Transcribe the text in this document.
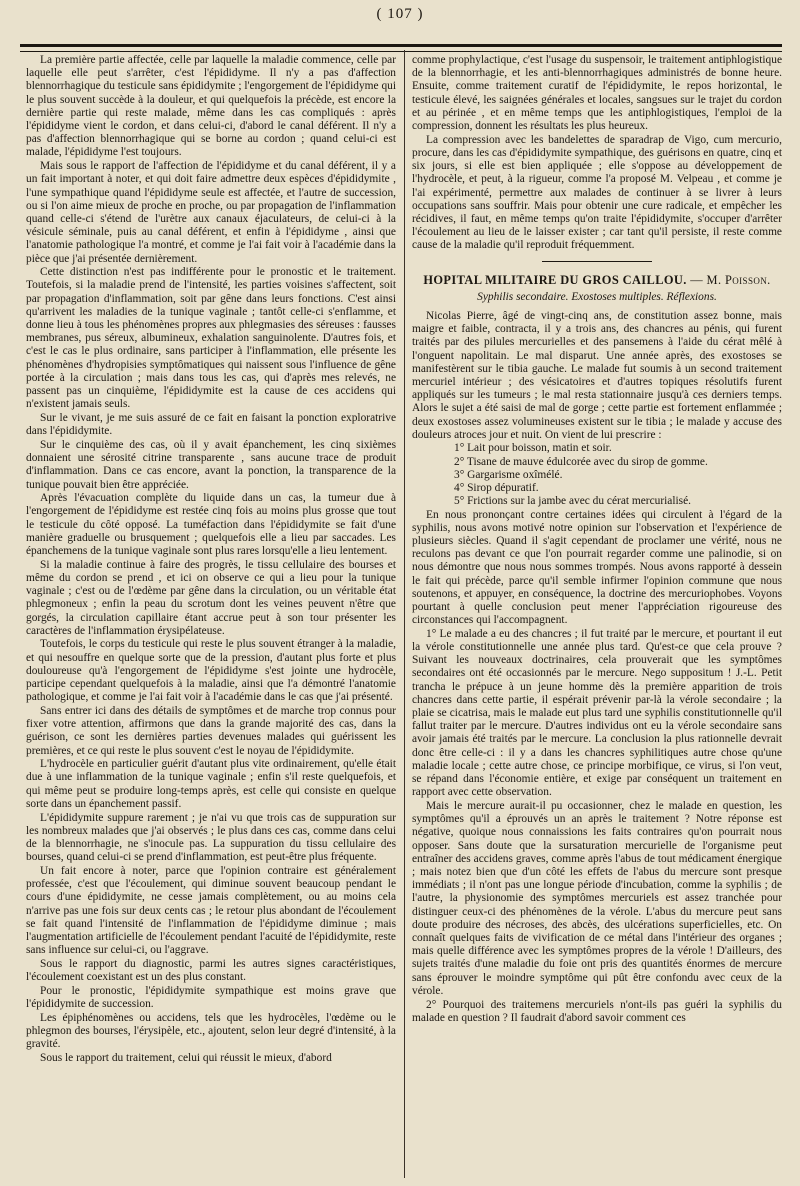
( 107 )

La première partie affectée, celle par laquelle la maladie commence, celle par laquelle elle peut s'arrêter, c'est l'épididyme. Il n'y a pas d'affection blennorrhagique du testicule sans épididymite ; l'engorgement de l'épididyme qui le plus souvent succède à la douleur, et qui quelquefois la précède, est encore la dernière partie qui reste malade, même dans les cas compliqués : après l'épididyme vient le cordon, et dans celui-ci, d'abord le canal déférent. Il n'y a pas d'affection blennorrhagique qui se borne au cordon ; quand celui-ci est malade, l'épididyme l'est toujours.

Mais sous le rapport de l'affection de l'épididyme et du canal déférent, il y a un fait important à noter, et qui doit faire admettre deux espèces d'épididymite , l'une sympathique quand l'épididyme seule est affectée, et l'autre de succession, ou si l'on aime mieux de proche en proche, ou par propagation de l'inflammation quand celle-ci s'étend de l'urètre aux canaux éjaculateurs, de celui-ci à la vésicule séminale, puis au canal déférent, et enfin à l'épididyme , ainsi que l'anatomie pathologique l'a montré, et comme je l'ai fait voir à l'académie dans la pièce que j'ai présentée dernièrement.

Cette distinction n'est pas indifférente pour le pronostic et le traitement. Toutefois, si la maladie prend de l'intensité, les parties voisines s'affectent, soit par propagation d'inflammation, soit par gêne dans leurs fonctions. C'est ainsi qu'arrivent les maladies de la tunique vaginale ; tantôt celle-ci s'enflamme, et donne lieu à tous les phénomènes propres aux phlegmasies des séreuses : fausses membranes, pus séreux, albumineux, exhalation sanguinolente. D'autres fois, et c'est le cas le plus ordinaire, sans participer à l'inflammation, elle présente les phénomènes d'hydropisies symptômatiques qui naissent sous l'influence de gêne portée à la circulation ; mais dans tous les cas, qui d'après mes relevés, ne passent pas un cinquième, l'épididymite est la cause de ces accidens qui n'existent jamais seuls.

Sur le vivant, je me suis assuré de ce fait en faisant la ponction exploratrive dans l'épididymite.

Sur le cinquième des cas, où il y avait épanchement, les cinq sixièmes donnaient une sérosité citrine transparente , sans aucune trace de produit d'inflammation. Dans ce cas encore, avant la ponction, la transparence de la tunique pouvait bien être appréciée.

Après l'évacuation complète du liquide dans un cas, la tumeur due à l'engorgement de l'épididyme est restée cinq fois au moins plus grosse que tout le testicule du côté opposé. La tuméfaction dans l'épididymite se fait d'une manière graduelle ou brusquement ; quelquefois elle a lieu par saccades. Les épanchemens de la tunique vaginale sont plus rares lorsqu'elle a lieu lentement.

Si la maladie continue à faire des progrès, le tissu cellulaire des bourses et même du cordon se prend , et ici on observe ce qui a lieu pour la tunique vaginale ; c'est ou de l'œdème par gêne dans la circulation, ou un véritable état phlegmoneux ; enfin la peau du scrotum dont les veines peuvent n'être que gorgés, la circulation capillaire étant accrue peut à son tour présenter les caractères de l'inflammation érysipélateuse.

Toutefois, le corps du testicule qui reste le plus souvent étranger à la maladie, et qui nesouffre en quelque sorte que de la pression, d'autant plus forte et plus douloureuse qu'à l'engorgement de l'épididyme s'est jointe une hydrocèle, participe cependant quelquefois à la maladie, ainsi que l'a démontré l'anatomie pathologique, et comme je l'ai fait voir à l'académie dans le cas que j'ai présenté.

Sans entrer ici dans des détails de symptômes et de marche trop connus pour fixer votre attention, affirmons que dans la grande majorité des cas, dans la guérison, ce sont les dernières parties devenues malades qui guérissent les premières, et ce qui reste le plus souvent c'est le noyau de l'épididymite.

L'hydrocèle en particulier guérit d'autant plus vite ordinairement, qu'elle était due à une inflammation de la tunique vaginale ; enfin s'il reste quelquefois, et qui même peut se produire long-temps après, est celle qui consiste en quelque sorte dans un épanchement passif.

L'épididymite suppure rarement ; je n'ai vu que trois cas de suppuration sur les nombreux malades que j'ai observés ; le plus dans ces cas, comme dans celui de la blennorrhagie, ne s'inocule pas. La suppuration du tissu cellulaire des bourses, quand celui-ci se prend d'inflammation, est peut-être plus fréquente.

Un fait encore à noter, parce que l'opinion contraire est généralement professée, c'est que l'écoulement, qui diminue souvent beaucoup pendant le cours d'une épididymite, ne cesse jamais complètement, ou au moins cela n'arrive pas une fois sur deux cents cas ; le retour plus abondant de l'écoulement se fait quand l'intensité de l'inflammation de l'épididyme diminue ; mais l'augmentation artificielle de l'écoulement pendant l'acuité de l'épididymite, reste sans influence sur celui-ci, ou l'aggrave.

Sous le rapport du diagnostic, parmi les autres signes caractéristiques, l'écoulement coexistant est un des plus constant.

Pour le pronostic, l'épididymite sympathique est moins grave que l'épididymite de succession.

Les épiphénomènes ou accidens, tels que les hydrocèles, l'œdème ou le phlegmon des bourses, l'érysipèle, etc., ajoutent, selon leur degré d'intensité, à la gravité.

Sous le rapport du traitement, celui qui réussit le mieux, d'abord

comme prophylactique, c'est l'usage du suspensoir, le traitement antiphlogistique de la blennorrhagie, et les anti-blennorrhagiques administrés de bonne heure. Ensuite, comme traitement curatif de l'épididymite, le repos horizontal, le testicule élevé, les saignées générales et locales, sangsues sur le trajet du cordon et au périnée , et en même temps que les antiphlogistiques, l'emploi de la compression, donnent les résultats les plus heureux.

La compression avec les bandelettes de sparadrap de Vigo, cum mercurio, procure, dans les cas d'épididymite sympathique, des guérisons en quatre, cinq et six jours, si elle est bien appliquée ; elle s'oppose au développement de l'hydrocèle, et peut, à la rigueur, comme l'a proposé M. Velpeau , et comme je l'ai expérimenté, permettre aux malades de continuer à se livrer à leurs occupations sans souffrir. Mais pour obtenir une cure radicale, et empêcher les récidives, il faut, en même temps qu'on traite l'épididymite, s'occuper d'arrêter l'écoulement au lieu de le laisser exister ; car tant qu'il persiste, il reste comme cause de la maladie qu'il reproduit fréquemment.

HOPITAL MILITAIRE DU GROS CAILLOU. — M. Poisson.
Syphilis secondaire. Exostoses multiples. Réflexions.

Nicolas Pierre, âgé de vingt-cinq ans, de constitution assez bonne, mais maigre et faible, contracta, il y a trois ans, des chancres au pénis, qui furent traités par des pilules mercurielles et des pansemens à l'aide du cérat mêlé à l'onguent napolitain. Le mal disparut. Une année après, des exostoses se manifestèrent sur le tibia gauche. Le malade fut soumis à un second traitement mercuriel intérieur ; des vésicatoires et d'autres topiques résolutifs furent appliqués sur les tumeurs ; le mal resta stationnaire jusqu'à ces derniers temps. Alors le sujet a été saisi de mal de gorge ; cette partie est fortement enflammée ; deux exostoses assez volumineuses existent sur le tibia ; le malade y accuse des douleurs atroces jour et nuit. On vient de lui prescrire :

1° Lait pour boisson, matin et soir.
2° Tisane de mauve édulcorée avec du sirop de gomme.
3° Gargarisme oxîmélé.
4° Sirop dépuratif.
5° Frictions sur la jambe avec du cérat mercurialisé.

En nous prononçant contre certaines idées qui circulent à l'égard de la syphilis, nous avons motivé notre opinion sur l'observation et l'expérience de plusieurs siècles. Quand il s'agit cependant de proclamer une vérité, nous ne reculons pas devant ce que l'on pourrait regarder comme une palinodie, si on nous démontre que nous nous sommes trompés. Nous avons rapporté à dessein le fait qui précède, parce qu'il semble infirmer l'opinion commune que nous soutenons, et appuyer, en conséquence, la doctrine des mercuriophobes. Voyons pourtant à quelle conclusion peut mener l'appréciation rigoureuse des circonstances qui l'accompagnent.

1° Le malade a eu des chancres ; il fut traité par le mercure, et pourtant il eut la vérole constitutionnelle une année plus tard. Qu'est-ce que cela prouve ? Suivant les nouveaux doctrinaires, cela prouverait que les symptômes secondaires ont été occasionnés par le mercure. Nego suppositum ! J.-L. Petit trancha le prépuce à un jeune homme dès la première apparition de trois chancres dans cette partie, il espérait prévenir par-là la vérole secondaire ; la plaie se cicatrisa, mais le malade eut plus tard une syphilis constitutionnelle qu'il fallut traiter par le mercure. D'autres individus ont eu la vérole secondaire sans avoir jamais été traités par le mercure. La conclusion la plus rationnelle devrait donc être celle-ci : il y a dans les chancres syphilitiques autre chose qu'une maladie locale ; cette autre chose, ce principe morbifique, ce virus, si l'on veut, se répand dans l'économie entière, et exige par conséquent un traitement en rapport avec cette observation.

Mais le mercure aurait-il pu occasionner, chez le malade en question, les symptômes qu'il a éprouvés un an après le traitement ? Notre réponse est négative, quoique nous connaissions les faits contraires qu'on pourrait nous opposer. Sans doute que la sursaturation mercurielle de l'organisme peut entraîner des accidens graves, comme après l'abus de tout médicament énergique ; mais notez bien que d'un côté les effets de l'abus du mercure sont presque immédiats ; il n'ont pas une longue période d'incubation, comme la syphilis ; de l'autre, la physionomie des symptômes mercuriels est assez tranchée pour distinguer ceux-ci des phénomènes de la vérole. L'abus du mercure peut sans doute produire des nécroses, des abcès, des ulcérations superficielles, etc. On connaît quelques faits de vivification de ce métal dans l'intérieur des organes ; mais quelle différence avec les symptômes propres de la vérole ! D'ailleurs, des sujets traités d'une maladie du foie ont pris des quantités énormes de mercure sans éprouver le moindre symptôme qui pût être confondu avec ceux de la vérole.

2° Pourquoi des traitemens mercuriels n'ont-ils pas guéri la syphilis du malade en question ? Il faudrait d'abord savoir comment ces
